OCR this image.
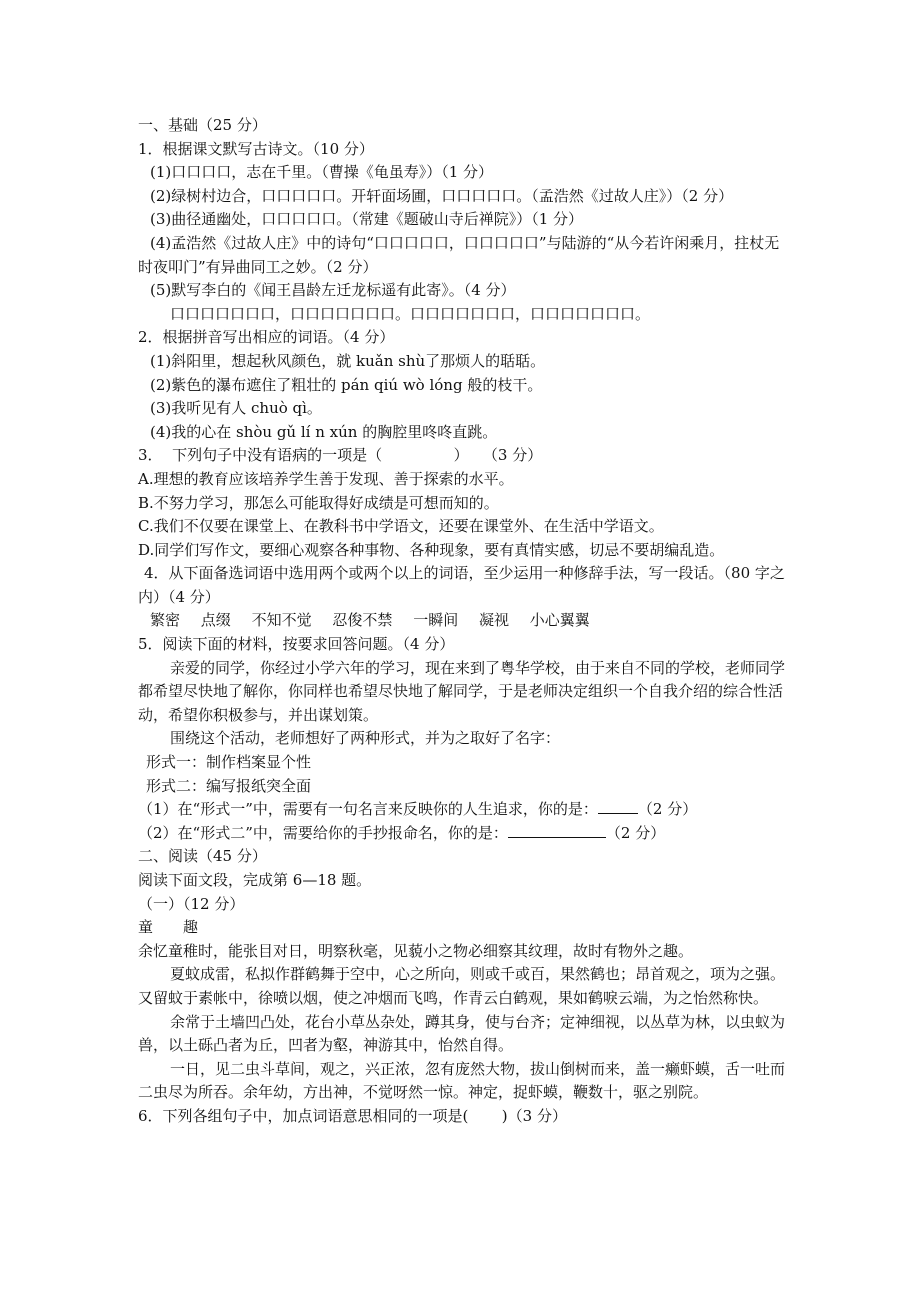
一、基础（25 分）
1．根据课文默写古诗文。（10 分）
(1)口口口口，志在千里。（曹操《龟虽寿》）（1 分）
(2)绿树村边合，口口口口口。开轩面场圃，口口口口口。（孟浩然《过故人庄》）（2 分）
(3)曲径通幽处，口口口口口。（常建《题破山寺后禅院》）（1 分）
(4)孟浩然《过故人庄》中的诗句“口口口口口，口口口口口”与陆游的“从今若许闲乘月，拄杖无时夜叩门”有异曲同工之妙。（2 分）
(5)默写李白的《闻王昌龄左迁龙标遥有此寄》。（4 分）
口口口口口口口，口口口口口口口。口口口口口口口，口口口口口口口。
2．根据拼音写出相应的词语。（4 分）
(1)斜阳里，想起秋风颜色，就 kuǎn shù了那烦人的聒聒。
(2)紫色的瀑布遮住了粗壮的 pán qiú wò lóng 般的枝干。
(3)我听见有人 chuò qì。
(4)我的心在 shòu gǔ lí n xún 的胸腔里咚咚直跳。
3．  下列句子中没有语病的一项是（               ）   （3 分）
A.理想的教育应该培养学生善于发现、善于探索的水平。
B.不努力学习，那怎么可能取得好成绩是可想而知的。
C.我们不仅要在课堂上、在教科书中学语文，还要在课堂外、在生活中学语文。
D.同学们写作文，要细心观察各种事物、各种现象，要有真情实感，切忌不要胡编乱造。
4．从下面备选词语中选用两个或两个以上的词语，至少运用一种修辞手法，写一段话。（80 字之内）（4 分）
繁密 点缀 不知不觉 忍俊不禁 一瞬间 凝视 小心翼翼
5．阅读下面的材料，按要求回答问题。（4 分）
亲爱的同学，你经过小学六年的学习，现在来到了粤华学校，由于来自不同的学校，老师同学都希望尽快地了解你，你同样也希望尽快地了解同学，于是老师决定组织一个自我介绍的综合性活动，希望你积极参与，并出谋划策。
围绕这个活动，老师想好了两种形式，并为之取好了名字：
形式一：制作档案显个性
形式二：编写报纸突全面
（1）在“形式一”中，需要有一句名言来反映你的人生追求，你的是：	（2 分）
（2）在“形式二”中，需要给你的手抄报命名，你的是：	（2 分）
二、阅读（45 分）
阅读下面文段，完成第 6—18 题。
（一）（12 分）
童 趣
余忆童稚时，能张目对日，明察秋毫，见藐小之物必细察其纹理，故时有物外之趣。
夏蚊成雷，私拟作群鹤舞于空中，心之所向，则或千或百，果然鹤也；昂首观之，项为之强。又留蚊于素帐中，徐喷以烟，使之冲烟而飞鸣，作青云白鹤观，果如鹤唳云端，为之怡然称快。
余常于土墙凹凸处，花台小草丛杂处，蹲其身，使与台齐；定神细视，以丛草为林，以虫蚁为兽，以土砾凸者为丘，凹者为壑，神游其中，怡然自得。
一日，见二虫斗草间，观之，兴正浓，忽有庞然大物，拔山倒树而来，盖一癞虾蟆，舌一吐而二虫尽为所吞。余年幼，方出神，不觉呀然一惊。神定，捉虾蟆，鞭数十，驱之别院。
6．下列各组句子中，加点词语意思相同的一项是(       )（3 分）
